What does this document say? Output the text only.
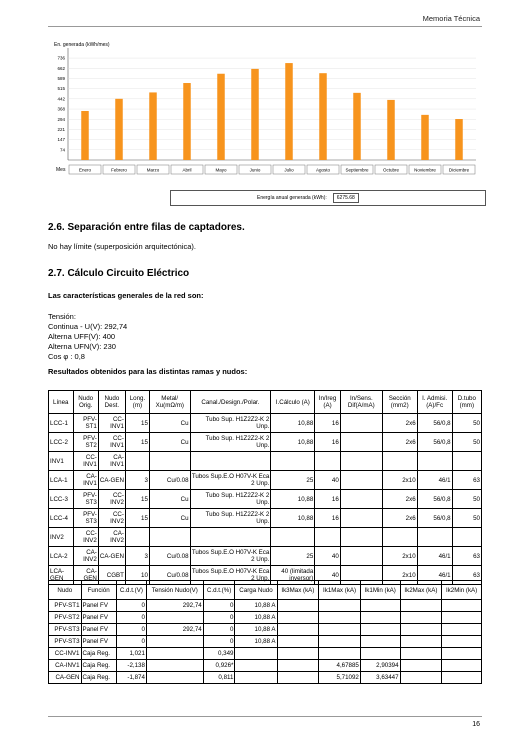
Memoria Técnica
En. generada (kWh/mes)
736
662
589
515
442
368
294
221
147
74
Enero	Febrero	Marzo	Abril	Mayo	Junio	Julio	Agosto	Septiembre	Octubre	Noviembre	Diciembre
Mes
Energía anual generada (kWh):	6275.68
2.6. Separación entre filas de captadores.

No hay límite (superposición arquitectónica).

2.7. Cálculo Circuito Eléctrico

Las características generales de la red son:

Tensión:
Continua - U(V): 292,74
Alterna UFF(V): 400
Alterna UFN(V): 230
Cos φ : 0,8

Resultados obtenidos para las distintas ramas y nudos:

Línea	Nudo Orig.	Nudo Dest.	Long. (m)	Metal/ Xu(mΩ/m)	Canal./Design./Polar.	I.Cálculo (A)	In/Ireg (A)	In/Sens. Dif(A/mA)	Sección (mm2)	I. Admisi. (A)/Fc	D.tubo (mm)
LCC-1	PFV-ST1	CC-INV1	15	Cu	Tubo Sup. H1Z2Z2-K 2 Unp.	10,88	16		2x6	56/0,8	50
LCC-2	PFV-ST2	CC-INV1	15	Cu	Tubo Sup. H1Z2Z2-K 2 Unp.	10,88	16		2x6	56/0,8	50
INV1	CC-INV1	CA-INV1									
LCA-1	CA-INV1	CA-GEN	3	Cu/0.08	Tubos Sup.E.O H07V-K Eca 2 Unp.	25	40		2x10	46/1	63
LCC-3	PFV-ST3	CC-INV2	15	Cu	Tubo Sup. H1Z2Z2-K 2 Unp.	10,88	16		2x6	56/0,8	50
LCC-4	PFV-ST3	CC-INV2	15	Cu	Tubo Sup. H1Z2Z2-K 2 Unp.	10,88	16		2x6	56/0,8	50
INV2	CC-INV2	CA-INV2									
LCA-2	CA-INV2	CA-GEN	3	Cu/0.08	Tubos Sup.E.O H07V-K Eca 2 Unp.	25	40		2x10	46/1	63
LCA-GEN	CA-GEN	CGBT	10	Cu/0.08	Tubos Sup.E.O H07V-K Eca 2 Unp.	40 (limitada inversor)	40		2x10	46/1	63
Nudo	Función	C.d.t.(V)	Tensión Nudo(V)	C.d.t.(%)	Carga Nudo	Ik3Max (kA)	Ik1Max (kA)	Ik1Min (kA)	Ik2Max (kA)	Ik2Min (kA)
PFV-ST1	Panel FV	0	292,74	0	10,88 A					
PFV-ST2	Panel FV	0		0	10,88 A					
PFV-ST3	Panel FV	0	292,74	0	10,88 A					
PFV-ST3	Panel FV	0		0	10,88 A					
CC-INV1	Caja Reg.	1,021		0,349						
CA-INV1	Caja Reg.	-2,138		0,926*			4,67885	2,90394		
CA-GEN	Caja Reg.	-1,874		0,811			5,71092	3,63447		
16
